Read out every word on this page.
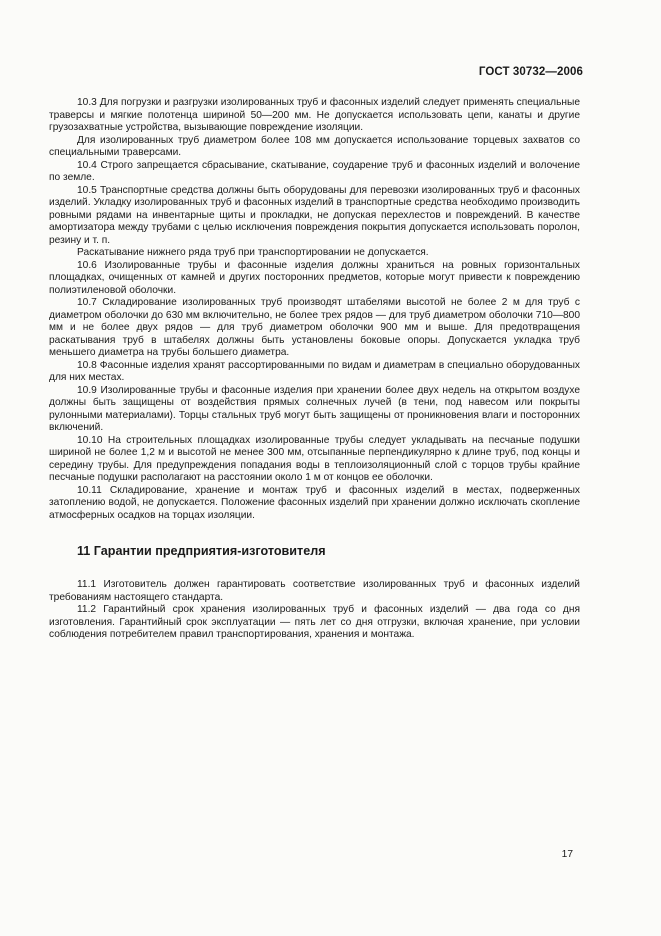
ГОСТ 30732—2006

10.3 Для погрузки и разгрузки изолированных труб и фасонных изделий следует применять специальные траверсы и мягкие полотенца шириной 50—200 мм. Не допускается использовать цепи, канаты и другие грузозахватные устройства, вызывающие повреждение изоляции.

Для изолированных труб диаметром более 108 мм допускается использование торцевых захватов со специальными траверсами.

10.4 Строго запрещается сбрасывание, скатывание, соударение труб и фасонных изделий и волочение по земле.

10.5 Транспортные средства должны быть оборудованы для перевозки изолированных труб и фасонных изделий. Укладку изолированных труб и фасонных изделий в транспортные средства необходимо производить ровными рядами на инвентарные щиты и прокладки, не допуская перехлестов и повреждений. В качестве амортизатора между трубами с целью исключения повреждения покрытия допускается использовать поролон, резину и т. п.

Раскатывание нижнего ряда труб при транспортировании не допускается.

10.6 Изолированные трубы и фасонные изделия должны храниться на ровных горизонтальных площадках, очищенных от камней и других посторонних предметов, которые могут привести к повреждению полиэтиленовой оболочки.

10.7 Складирование изолированных труб производят штабелями высотой не более 2 м для труб с диаметром оболочки до 630 мм включительно, не более трех рядов — для труб диаметром оболочки 710—800 мм и не более двух рядов — для труб диаметром оболочки 900 мм и выше. Для предотвращения раскатывания труб в штабелях должны быть установлены боковые опоры. Допускается укладка труб меньшего диаметра на трубы большего диаметра.

10.8 Фасонные изделия хранят рассортированными по видам и диаметрам в специально оборудованных для них местах.

10.9 Изолированные трубы и фасонные изделия при хранении более двух недель на открытом воздухе должны быть защищены от воздействия прямых солнечных лучей (в тени, под навесом или покрыты рулонными материалами). Торцы стальных труб могут быть защищены от проникновения влаги и посторонних включений.

10.10 На строительных площадках изолированные трубы следует укладывать на песчаные подушки шириной не более 1,2 м и высотой не менее 300 мм, отсыпанные перпендикулярно к длине труб, под концы и середину трубы. Для предупреждения попадания воды в теплоизоляционный слой с торцов трубы крайние песчаные подушки располагают на расстоянии около 1 м от концов ее оболочки.

10.11 Складирование, хранение и монтаж труб и фасонных изделий в местах, подверженных затоплению водой, не допускается. Положение фасонных изделий при хранении должно исключать скопление атмосферных осадков на торцах изоляции.

11 Гарантии предприятия-изготовителя

11.1 Изготовитель должен гарантировать соответствие изолированных труб и фасонных изделий требованиям настоящего стандарта.

11.2 Гарантийный срок хранения изолированных труб и фасонных изделий — два года со дня изготовления. Гарантийный срок эксплуатации — пять лет со дня отгрузки, включая хранение, при условии соблюдения потребителем правил транспортирования, хранения и монтажа.

17
